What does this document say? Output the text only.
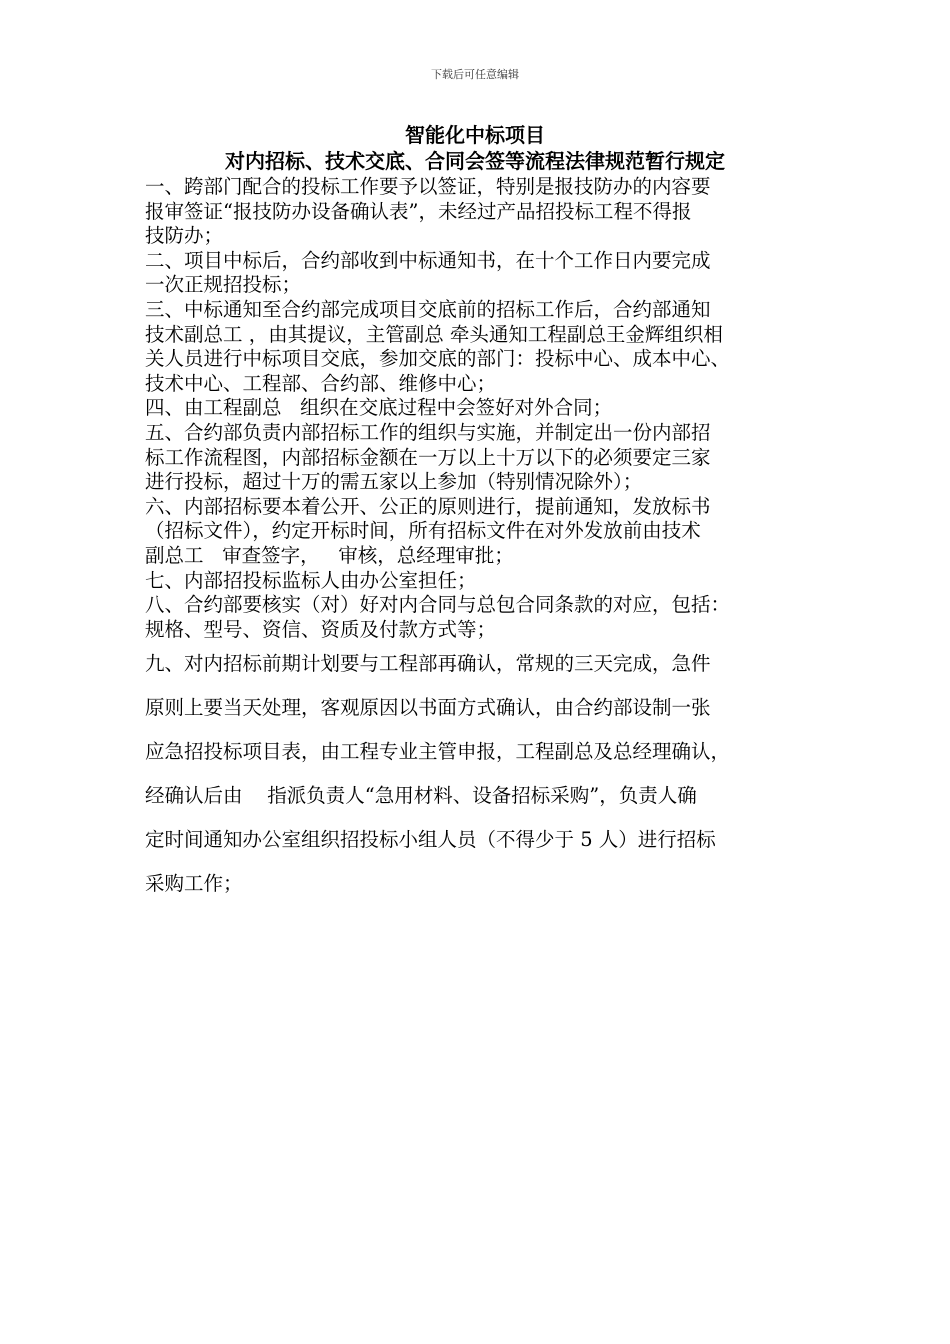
下载后可任意编辑
智能化中标项目
对内招标、技术交底、合同会签等流程法律规范暂行规定
一、跨部门配合的投标工作要予以签证，特别是报技防办的内容要
报审签证“报技防办设备确认表”，未经过产品招投标工程不得报
技防办；
二、项目中标后，合约部收到中标通知书，在十个工作日内要完成
一次正规招投标；
三、中标通知至合约部完成项目交底前的招标工作后，合约部通知
技术副总工 ，由其提议，主管副总 牵头通知工程副总王金辉组织相
关人员进行中标项目交底，参加交底的部门：投标中心、成本中心、
技术中心、工程部、合约部、维修中心；
四、由工程副总   组织在交底过程中会签好对外合同；
五、合约部负责内部招标工作的组织与实施，并制定出一份内部招
标工作流程图，内部招标金额在一万以上十万以下的必须要定三家
进行投标，超过十万的需五家以上参加（特别情况除外）；
六、内部招标要本着公开、公正的原则进行，提前通知，发放标书
（招标文件），约定开标时间，所有招标文件在对外发放前由技术
副总工   审查签字，   审核，总经理审批；
七、内部招投标监标人由办公室担任；
八、合约部要核实（对）好对内合同与总包合同条款的对应，包括：
规格、型号、资信、资质及付款方式等；
九、对内招标前期计划要与工程部再确认，常规的三天完成，急件
原则上要当天处理，客观原因以书面方式确认，由合约部设制一张
应急招投标项目表，由工程专业主管申报，工程副总及总经理确认，
经确认后由    指派负责人“急用材料、设备招标采购”，负责人确
定时间通知办公室组织招投标小组人员（不得少于 5 人）进行招标
采购工作；
